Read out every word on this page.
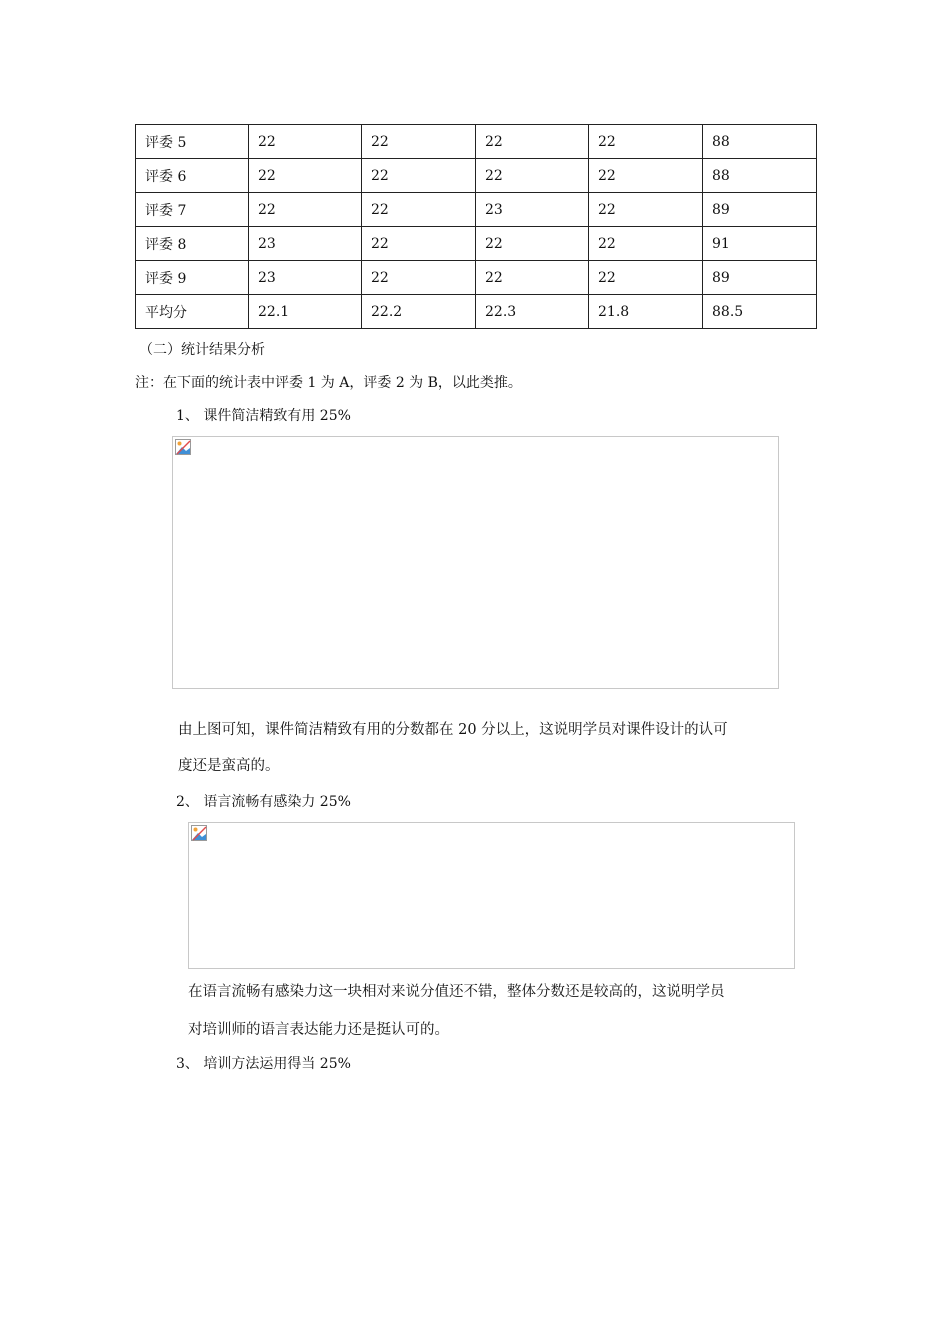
评委 5	22	22	22	22	88
评委 6	22	22	22	22	88
评委 7	22	22	23	22	89
评委 8	23	22	22	22	91
评委 9	23	22	22	22	89
平均分	22.1	22.2	22.3	21.8	88.5
（二）统计结果分析
注：在下面的统计表中评委 1 为 A，评委 2 为 B，以此类推。
1、 课件简洁精致有用 25%
由上图可知，课件简洁精致有用的分数都在 20 分以上，这说明学员对课件设计的认可
度还是蛮高的。
2、 语言流畅有感染力 25%
在语言流畅有感染力这一块相对来说分值还不错，整体分数还是较高的，这说明学员
对培训师的语言表达能力还是挺认可的。
3、 培训方法运用得当 25%
